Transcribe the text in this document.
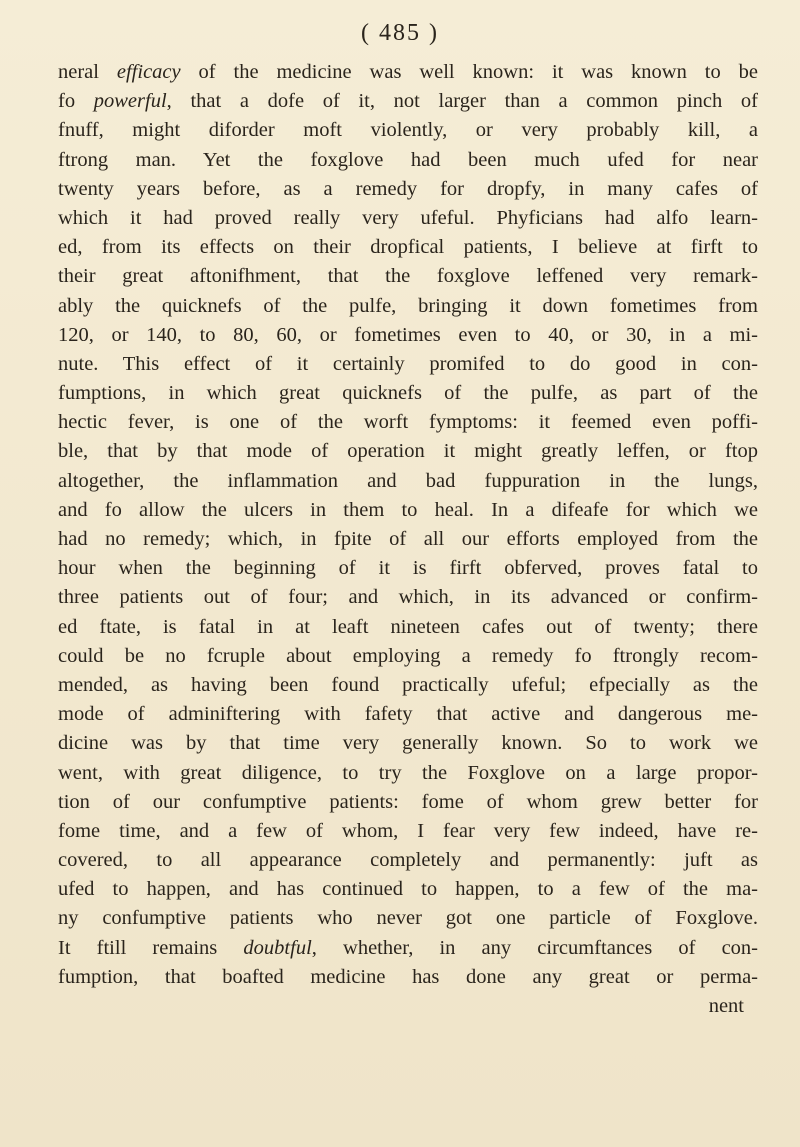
( 485 )
neral efficacy of the medicine was well known: it was known to be
fo powerful, that a dofe of it, not larger than a common pinch of
fnuff, might diforder moft violently, or very probably kill, a
ftrong man. Yet the foxglove had been much ufed for near
twenty years before, as a remedy for dropfy, in many cafes of
which it had proved really very ufeful. Phyficians had alfo learn-
ed, from its effects on their dropfical patients, I believe at firft to
their great aftonifhment, that the foxglove leffened very remark-
ably the quicknefs of the pulfe, bringing it down fometimes from
120, or 140, to 80, 60, or fometimes even to 40, or 30, in a mi-
nute. This effect of it certainly promifed to do good in con-
fumptions, in which great quicknefs of the pulfe, as part of the
hectic fever, is one of the worft fymptoms: it feemed even poffi-
ble, that by that mode of operation it might greatly leffen, or ftop
altogether, the inflammation and bad fuppuration in the lungs,
and fo allow the ulcers in them to heal. In a difeafe for which we
had no remedy; which, in fpite of all our efforts employed from the
hour when the beginning of it is firft obferved, proves fatal to
three patients out of four; and which, in its advanced or confirm-
ed ftate, is fatal in at leaft nineteen cafes out of twenty; there
could be no fcruple about employing a remedy fo ftrongly recom-
mended, as having been found practically ufeful; efpecially as the
mode of adminiftering with fafety that active and dangerous me-
dicine was by that time very generally known. So to work we
went, with great diligence, to try the Foxglove on a large propor-
tion of our confumptive patients: fome of whom grew better for
fome time, and a few of whom, I fear very few indeed, have re-
covered, to all appearance completely and permanently: juft as
ufed to happen, and has continued to happen, to a few of the ma-
ny confumptive patients who never got one particle of Foxglove.
It ftill remains doubtful, whether, in any circumftances of con-
fumption, that boafted medicine has done any great or perma-
nent
